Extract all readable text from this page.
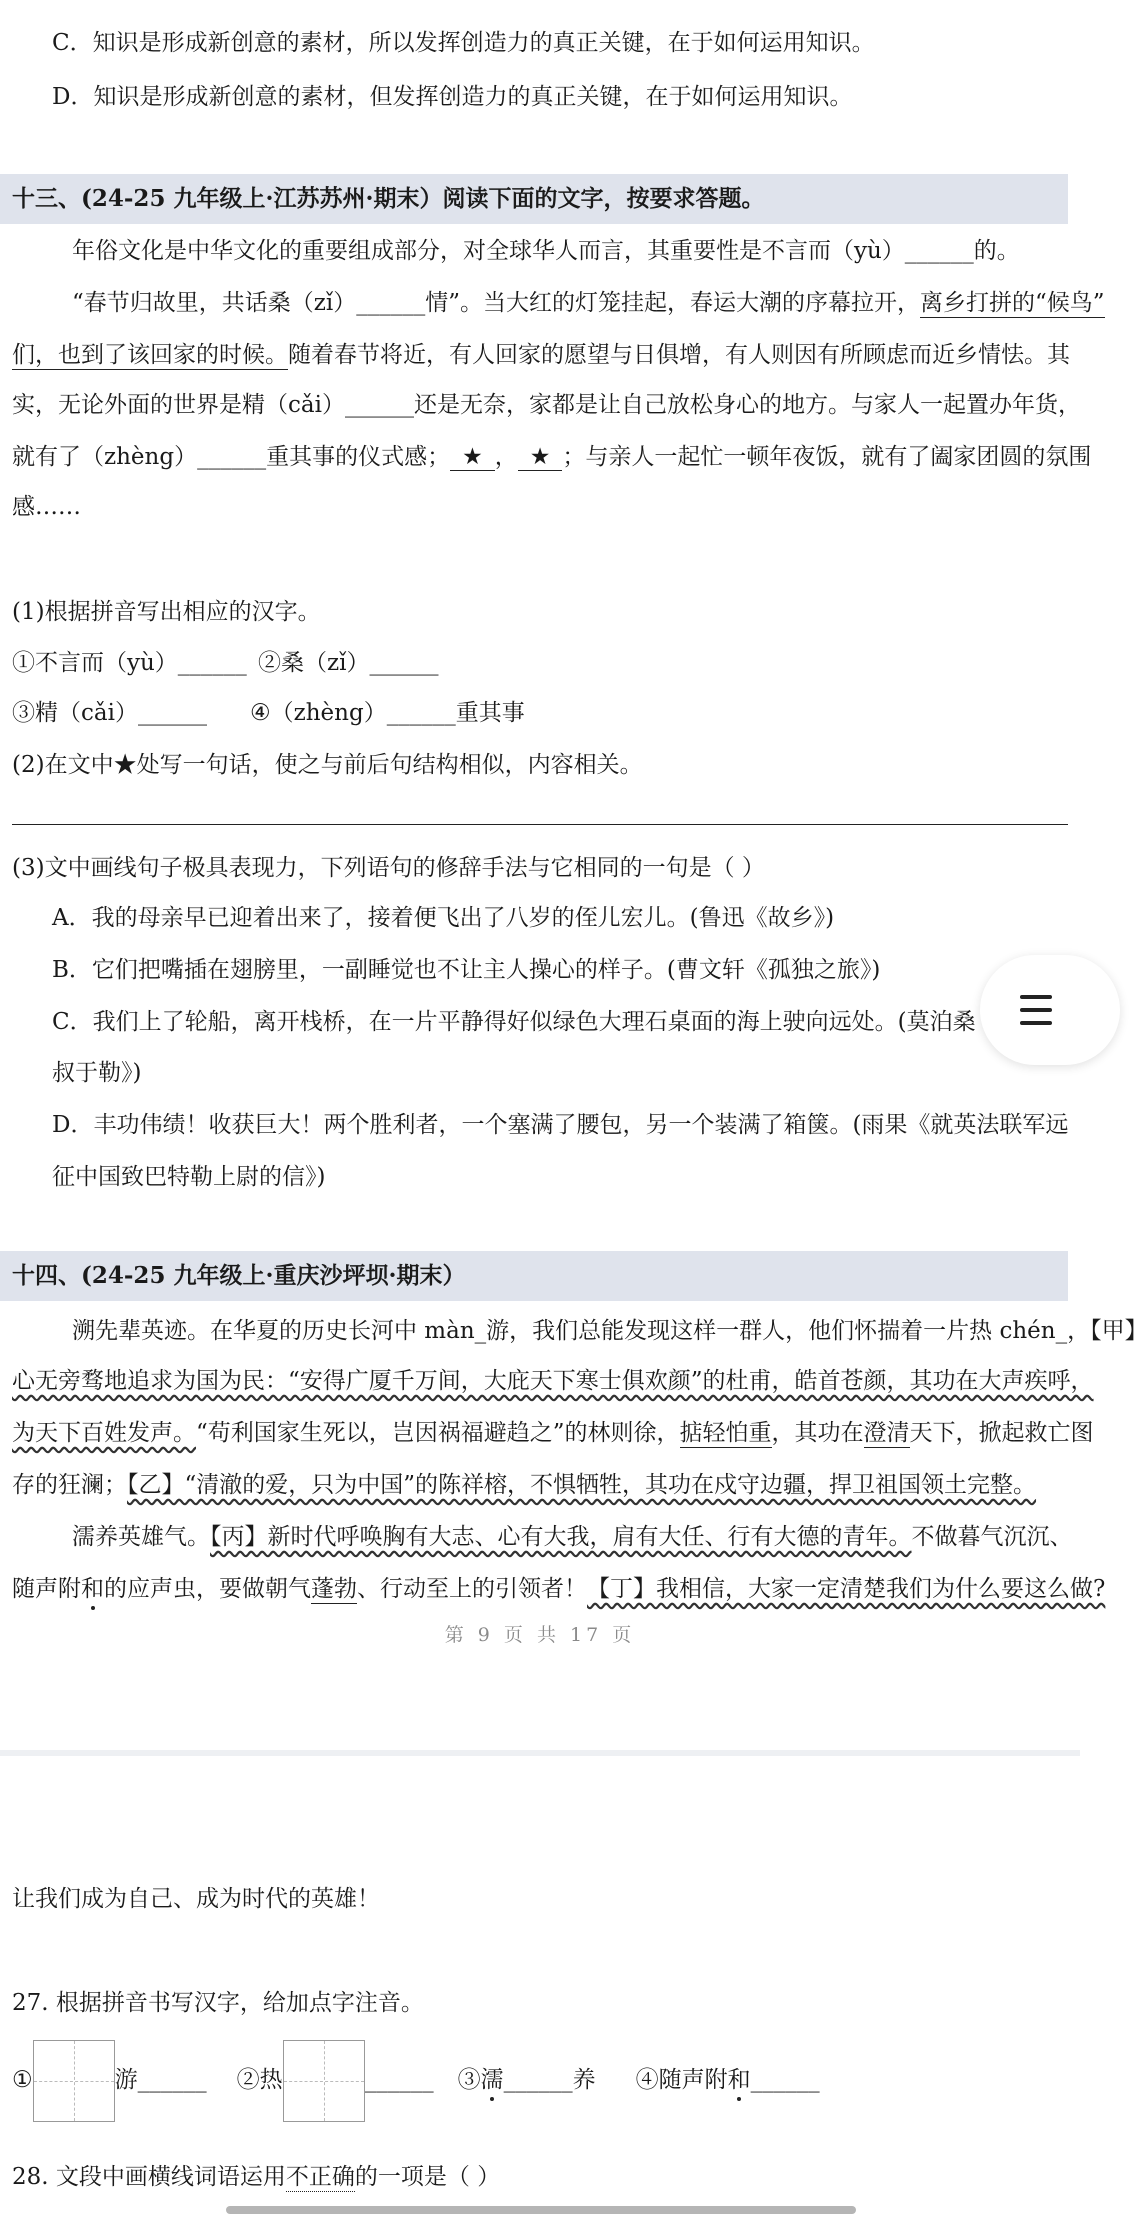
C．知识是形成新创意的素材，所以发挥创造力的真正关键，在于如何运用知识。
D．知识是形成新创意的素材，但发挥创造力的真正关键，在于如何运用知识。
十三、(24-25 九年级上·江苏苏州·期末）阅读下面的文字，按要求答题。
年俗文化是中华文化的重要组成部分，对全球华人而言，其重要性是不言而（yù）______的。
“春节归故里，共话桑（zǐ）______情”。当大红的灯笼挂起，春运大潮的序幕拉开，离乡打拼的“候鸟”
们，也到了该回家的时候。随着春节将近，有人回家的愿望与日俱增，有人则因有所顾虑而近乡情怯。其
实，无论外面的世界是精（cǎi）______还是无奈，家都是让自己放松身心的地方。与家人一起置办年货，
就有了（zhèng）______重其事的仪式感； ★ ， ★ ；与亲人一起忙一顿年夜饭，就有了阖家团圆的氛围
感……
(1)根据拼音写出相应的汉字。
①不言而（yù）______ ②桑（zǐ）______
③精（cǎi）______ ④（zhèng）______重其事
(2)在文中★处写一句话，使之与前后句结构相似，内容相关。
(3)文中画线句子极具表现力，下列语句的修辞手法与它相同的一句是（ ）
A．我的母亲早已迎着出来了，接着便飞出了八岁的侄儿宏儿。(鲁迅《故乡》)
B．它们把嘴插在翅膀里，一副睡觉也不让主人操心的样子。(曹文轩《孤独之旅》)
C．我们上了轮船，离开栈桥，在一片平静得好似绿色大理石桌面的海上驶向远处。(莫泊桑
叔于勒》)
D．丰功伟绩！收获巨大！两个胜利者，一个塞满了腰包，另一个装满了箱箧。(雨果《就英法联军远
征中国致巴特勒上尉的信》)
十四、(24-25 九年级上·重庆沙坪坝·期末）
溯先辈英迹。在华夏的历史长河中 màn_游，我们总能发现这样一群人，他们怀揣着一片热 chén_，【甲】
心无旁骛地追求为国为民：“安得广厦千万间，大庇天下寒士俱欢颜”的杜甫，皓首苍颜，其功在大声疾呼，
为天下百姓发声。“苟利国家生死以，岂因祸福避趋之”的林则徐，掂轻怕重，其功在澄清天下，掀起救亡图
存的狂澜；【乙】“清澈的爱，只为中国”的陈祥榕，不惧牺牲，其功在戍守边疆，捍卫祖国领土完整。
濡养英雄气。【丙】新时代呼唤胸有大志、心有大我，肩有大任、行有大德的青年。不做暮气沉沉、
随声附和的应声虫，要做朝气蓬勃、行动至上的引领者！【丁】我相信，大家一定清楚我们为什么要这么做?
第 9 页 共 17 页
让我们成为自己、成为时代的英雄！
27. 根据拼音书写汉字，给加点字注音。
①	游______ ②热	______ ③濡______养 ④随声附和______
28. 文段中画横线词语运用不正确的一项是（ ）
